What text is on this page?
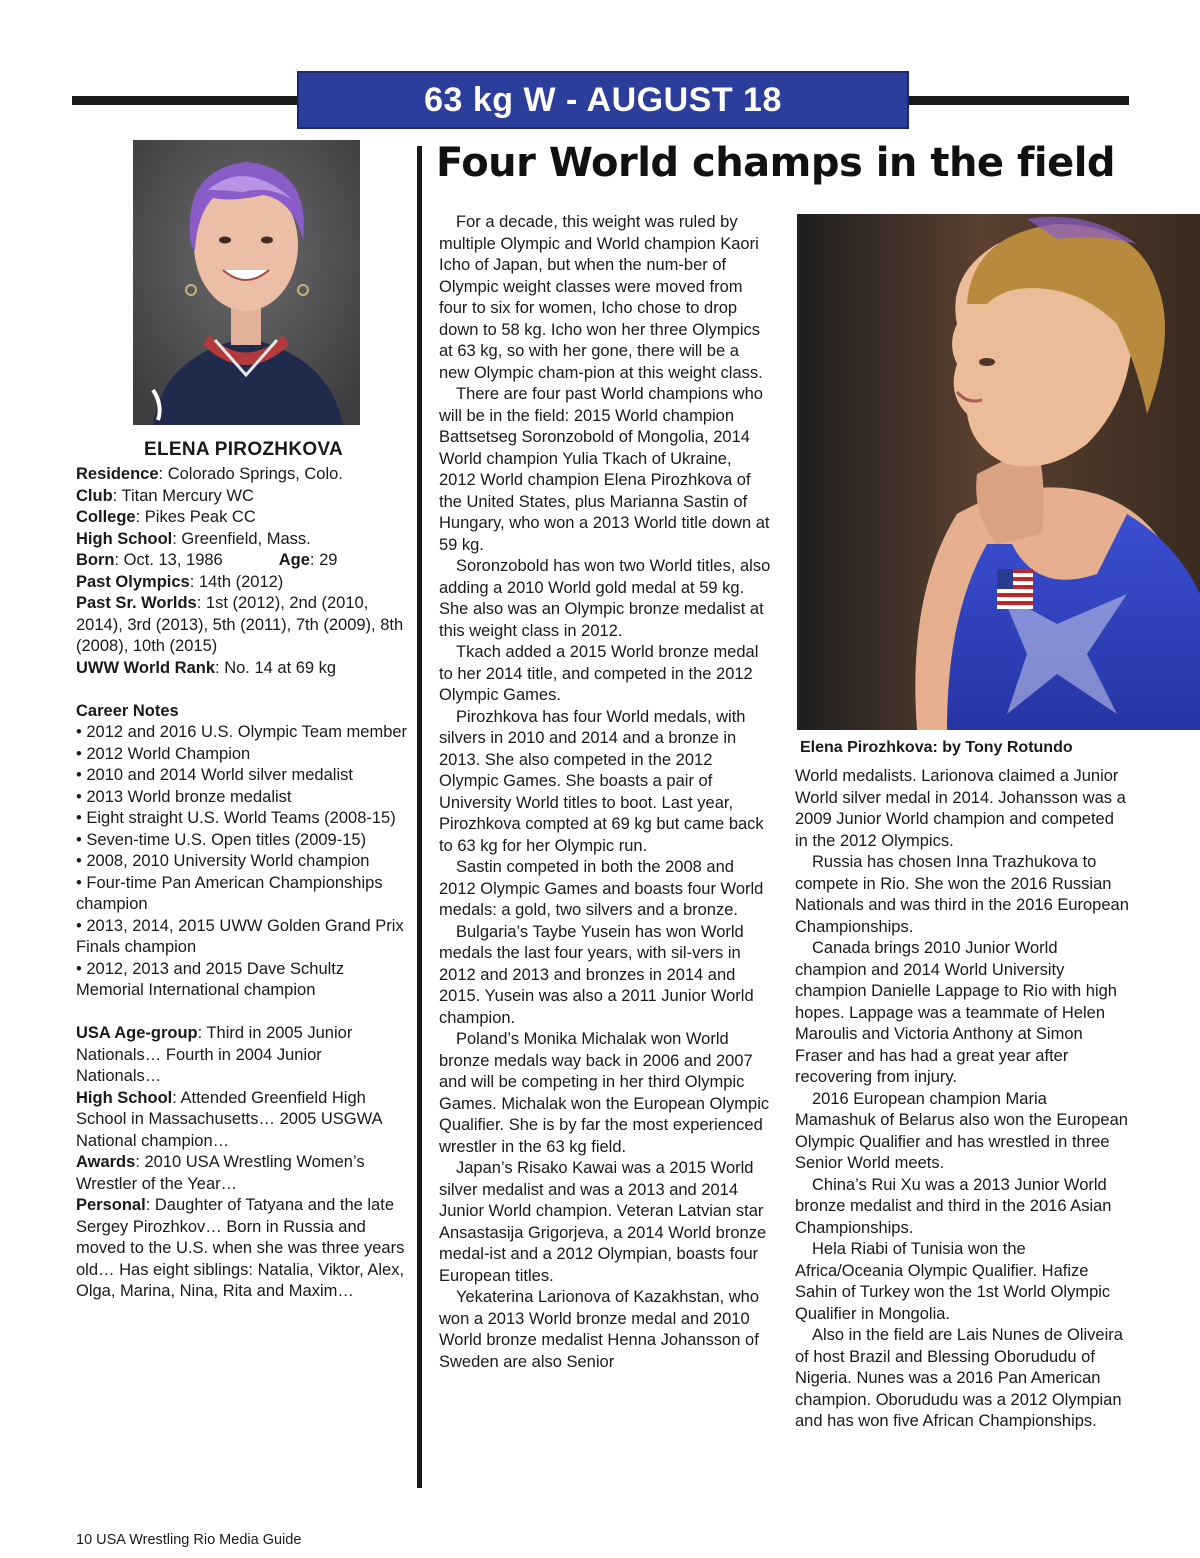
63 kg W - AUGUST 18
Four World champs in the field
Elena Pirozhkova: by Tony Rotundo
ELENA PIROZHKOVA

Residence: Colorado Springs, Colo.

Club: Titan Mercury WC

College: Pikes Peak CC

High School: Greenfield, Mass.

Born: Oct. 13, 1986	Age: 29

Past Olympics: 14th (2012)

Past Sr. Worlds: 1st (2012), 2nd (2010, 2014), 3rd (2013), 5th (2011), 7th (2009), 8th (2008), 10th (2015)

UWW World Rank: No. 14 at 69 kg

Career Notes

• 2012 and 2016 U.S. Olympic Team member

• 2012 World Champion

• 2010 and 2014 World silver medalist

• 2013 World bronze medalist

• Eight straight U.S. World Teams (2008-15)

• Seven-time U.S. Open titles (2009-15)

• 2008, 2010 University World champion

• Four-time Pan American Championships champion

• 2013, 2014, 2015 UWW Golden Grand Prix Finals champion

• 2012, 2013 and 2015 Dave Schultz Memorial International champion

USA Age-group: Third in 2005 Junior Nationals… Fourth in 2004 Junior Nationals…

High School: Attended Greenfield High School in Massachusetts… 2005 USGWA National champion…

Awards: 2010 USA Wrestling Women’s Wrestler of the Year…

Personal: Daughter of Tatyana and the late Sergey Pirozhkov… Born in Russia and moved to the U.S. when she was three years old… Has eight siblings: Natalia, Viktor, Alex, Olga, Marina, Nina, Rita and Maxim…

For a decade, this weight was ruled by multiple Olympic and World champion Kaori Icho of Japan, but when the num-ber of Olympic weight classes were moved from four to six for women, Icho chose to drop down to 58 kg. Icho won her three Olympics at 63 kg, so with her gone, there will be a new Olympic cham-pion at this weight class.

There are four past World champions who will be in the field: 2015 World champion Battsetseg Soronzobold of Mongolia, 2014 World champion Yulia Tkach of Ukraine, 2012 World champion Elena Pirozhkova of the United States, plus Marianna Sastin of Hungary, who won a 2013 World title down at 59 kg.

Soronzobold has won two World titles, also adding a 2010 World gold medal at 59 kg. She also was an Olympic bronze medalist at this weight class in 2012.

Tkach added a 2015 World bronze medal to her 2014 title, and competed in the 2012 Olympic Games.

Pirozhkova has four World medals, with silvers in 2010 and 2014 and a bronze in 2013. She also competed in the 2012 Olympic Games. She boasts a pair of University World titles to boot. Last year, Pirozhkova compted at 69 kg but came back to 63 kg for her Olympic run.

Sastin competed in both the 2008 and 2012 Olympic Games and boasts four World medals: a gold, two silvers and a bronze.

Bulgaria’s Taybe Yusein has won World medals the last four years, with sil-vers in 2012 and 2013 and bronzes in 2014 and 2015. Yusein was also a 2011 Junior World champion.

Poland’s Monika Michalak won World bronze medals way back in 2006 and 2007 and will be competing in her third Olympic Games. Michalak won the European Olympic Qualifier. She is by far the most experienced wrestler in the 63 kg field.

Japan’s Risako Kawai was a 2015 World silver medalist and was a 2013 and 2014 Junior World champion. Veteran Latvian star Ansastasija Grigorjeva, a 2014 World bronze medal-ist and a 2012 Olympian, boasts four European titles.

Yekaterina Larionova of Kazakhstan, who won a 2013 World bronze medal and 2010 World bronze medalist Henna Johansson of Sweden are also Senior

World medalists. Larionova claimed a Junior World silver medal in 2014. Johansson was a 2009 Junior World champion and competed in the 2012 Olympics.

Russia has chosen Inna Trazhukova to compete in Rio. She won the 2016 Russian Nationals and was third in the 2016 European Championships.

Canada brings 2010 Junior World champion and 2014 World University champion Danielle Lappage to Rio with high hopes. Lappage was a teammate of Helen Maroulis and Victoria Anthony at Simon Fraser and has had a great year after recovering from injury.

2016 European champion Maria Mamashuk of Belarus also won the European Olympic Qualifier and has wrestled in three Senior World meets.

China’s Rui Xu was a 2013 Junior World bronze medalist and third in the 2016 Asian Championships.

Hela Riabi of Tunisia won the Africa/Oceania Olympic Qualifier. Hafize Sahin of Turkey won the 1st World Olympic Qualifier in Mongolia.

Also in the field are Lais Nunes de Oliveira of host Brazil and Blessing Oborududu of Nigeria. Nunes was a 2016 Pan American champion. Oborududu was a 2012 Olympian and has won five African Championships.

10 USA Wrestling Rio Media Guide
